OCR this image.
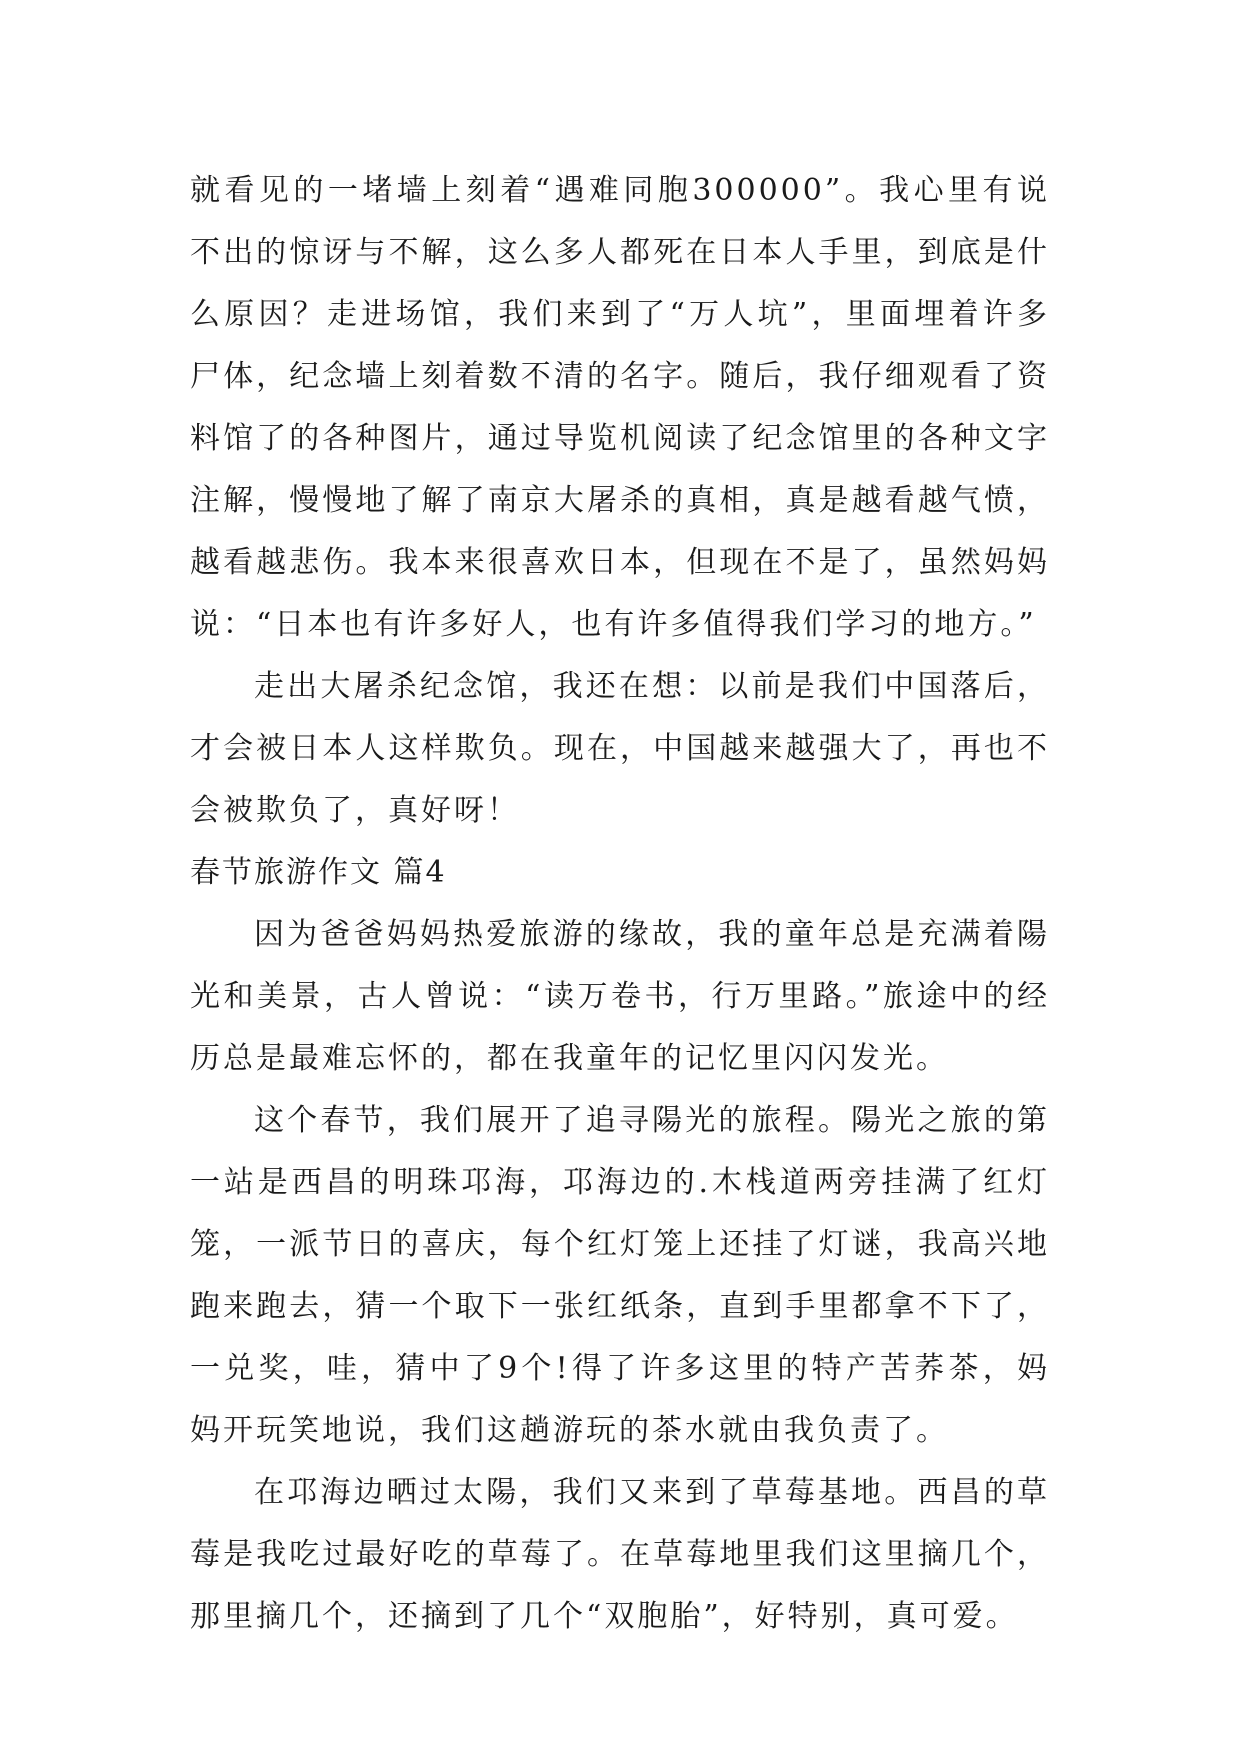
就看见的一堵墙上刻着“遇难同胞300000”。我心里有说不出的惊讶与不解，这么多人都死在日本人手里，到底是什么原因？走进场馆，我们来到了“万人坑”，里面埋着许多尸体，纪念墙上刻着数不清的名字。随后，我仔细观看了资料馆了的各种图片，通过导览机阅读了纪念馆里的各种文字注解，慢慢地了解了南京大屠杀的真相，真是越看越气愤，越看越悲伤。我本来很喜欢日本，但现在不是了，虽然妈妈说：“日本也有许多好人，也有许多值得我们学习的地方。”

走出大屠杀纪念馆，我还在想：以前是我们中国落后，才会被日本人这样欺负。现在，中国越来越强大了，再也不会被欺负了，真好呀！

春节旅游作文 篇4

因为爸爸妈妈热爱旅游的缘故，我的童年总是充满着陽光和美景，古人曾说：“读万卷书，行万里路。”旅途中的经历总是最难忘怀的，都在我童年的记忆里闪闪发光。

这个春节，我们展开了追寻陽光的旅程。陽光之旅的第一站是西昌的明珠邛海，邛海边的.木栈道两旁挂满了红灯笼，一派节日的喜庆，每个红灯笼上还挂了灯谜，我高兴地跑来跑去，猜一个取下一张红纸条，直到手里都拿不下了，一兑奖，哇，猜中了9个!得了许多这里的特产苦荞茶，妈妈开玩笑地说，我们这趟游玩的茶水就由我负责了。

在邛海边晒过太陽，我们又来到了草莓基地。西昌的草莓是我吃过最好吃的草莓了。在草莓地里我们这里摘几个，那里摘几个，还摘到了几个“双胞胎”，好特别，真可爱。
